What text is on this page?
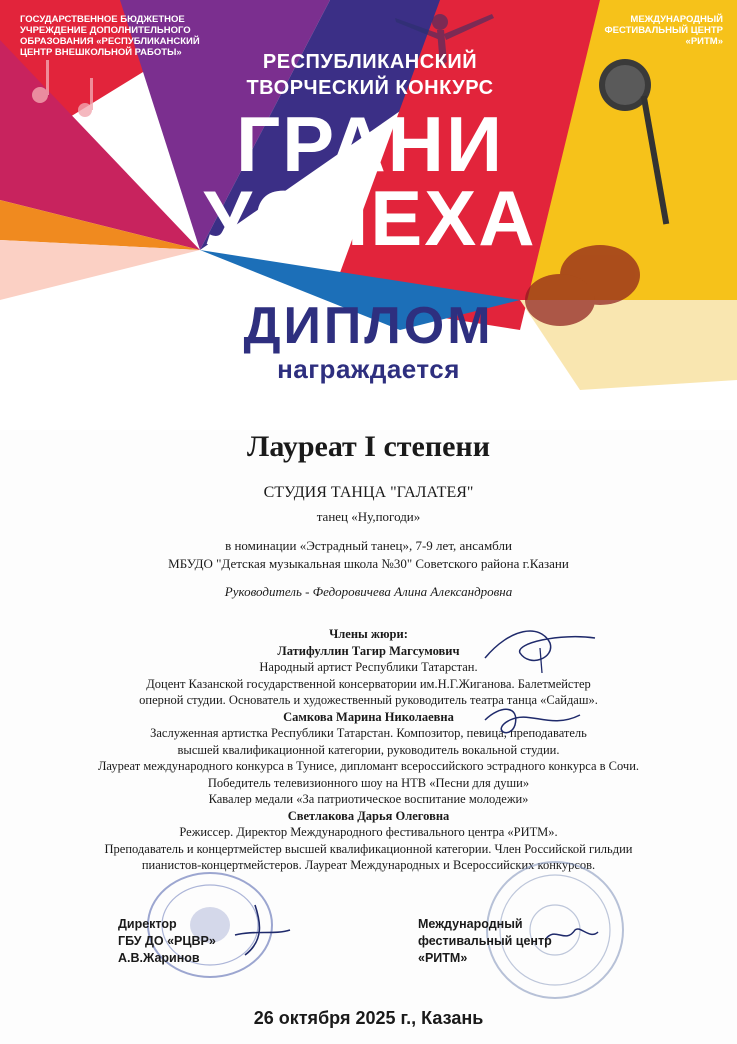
ГОСУДАРСТВЕННОЕ БЮДЖЕТНОЕ УЧРЕЖДЕНИЕ ДОПОЛНИТЕЛЬНОГО ОБРАЗОВАНИЯ «РЕСПУБЛИКАНСКИЙ ЦЕНТР ВНЕШКОЛЬНОЙ РАБОТЫ»
МЕЖДУНАРОДНЫЙ ФЕСТИВАЛЬНЫЙ ЦЕНТР «РИТМ»
РЕСПУБЛИКАНСКИЙ
ТВОРЧЕСКИЙ КОНКУРС
ГРАНИ
УСПЕХА
ДИПЛОМ
награждается
Лауреат I степени
СТУДИЯ ТАНЦА "ГАЛАТЕЯ"
танец «Ну,погоди»
в номинации «Эстрадный танец», 7-9 лет, ансамбли
МБУДО "Детская музыкальная школа №30" Советского района г.Казани
Руководитель - Федоровичева Алина Александровна
Члены жюри:
Латифуллин Тагир Магсумович
Народный артист Республики Татарстан.
Доцент Казанской государственной консерватории им.Н.Г.Жиганова. Балетмейстер
оперной студии. Основатель и художественный руководитель театра танца «Сайдаш».
Самкова Марина Николаевна
Заслуженная артистка Республики Татарстан. Композитор, певица, преподаватель
высшей квалификационной категории, руководитель вокальной студии.
Лауреат международного конкурса в Тунисе, дипломант всероссийского эстрадного конкурса в Сочи.
Победитель телевизионного шоу на НТВ «Песни для души»
Кавалер медали «За патриотическое воспитание молодежи»
Светлакова Дарья Олеговна
Режиссер. Директор Международного фестивального центра «РИТМ».
Преподаватель и концертмейстер высшей квалификационной категории. Член Российской гильдии
пианистов-концертмейстеров. Лауреат Международных и Всероссийских конкурсов.
Директор
ГБУ ДО «РЦВР»
А.В.Жаринов
Международный
фестивальный центр
«РИТМ»
26 октября 2025 г., Казань
